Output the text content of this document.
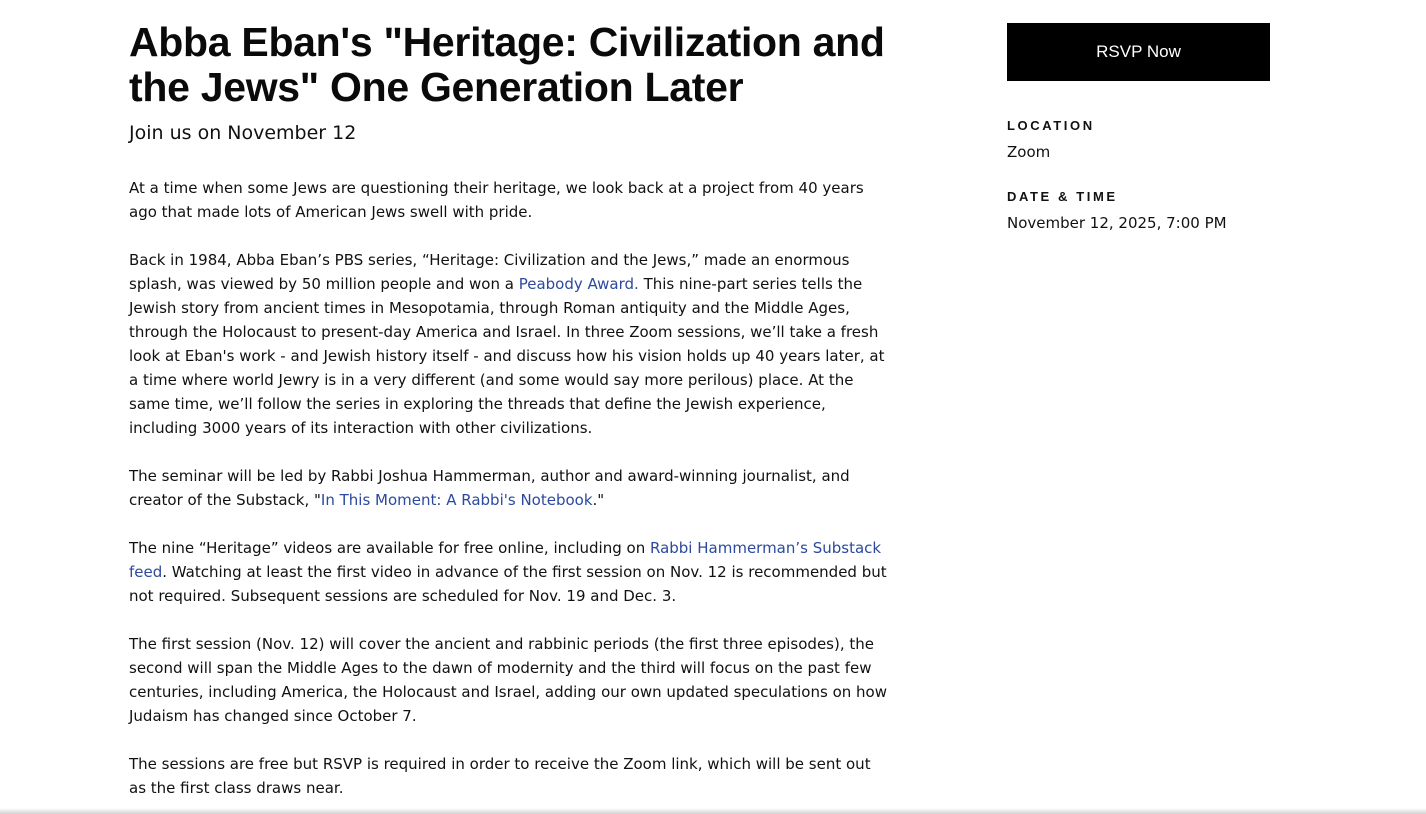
Abba Eban's "Heritage: Civilization and the Jews" One Generation Later
Join us on November 12

At a time when some Jews are questioning their heritage, we look back at a project from 40 years ago that made lots of American Jews swell with pride.

Back in 1984, Abba Eban’s PBS series, “Heritage: Civilization and the Jews,” made an enormous splash, was viewed by 50 million people and won a Peabody Award. This nine-part series tells the Jewish story from ancient times in Mesopotamia, through Roman antiquity and the Middle Ages, through the Holocaust to present-day America and Israel. In three Zoom sessions, we’ll take a fresh look at Eban's work - and Jewish history itself - and discuss how his vision holds up 40 years later, at a time where world Jewry is in a very different (and some would say more perilous) place. At the same time, we’ll follow the series in exploring the threads that define the Jewish experience, including 3000 years of its interaction with other civilizations.

The seminar will be led by Rabbi Joshua Hammerman, author and award-winning journalist, and creator of the Substack, "In This Moment: A Rabbi's Notebook."

The nine “Heritage” videos are available for free online, including on Rabbi Hammerman’s Substack feed. Watching at least the first video in advance of the first session on Nov. 12 is recommended but not required. Subsequent sessions are scheduled for Nov. 19 and Dec. 3.

The first session (Nov. 12) will cover the ancient and rabbinic periods (the first three episodes), the second will span the Middle Ages to the dawn of modernity and the third will focus on the past few centuries, including America, the Holocaust and Israel, adding our own updated speculations on how Judaism has changed since October 7.

The sessions are free but RSVP is required in order to receive the Zoom link, which will be sent out as the first class draws near.

RSVP Now
LOCATION
Zoom
DATE & TIME
November 12, 2025, 7:00 PM
